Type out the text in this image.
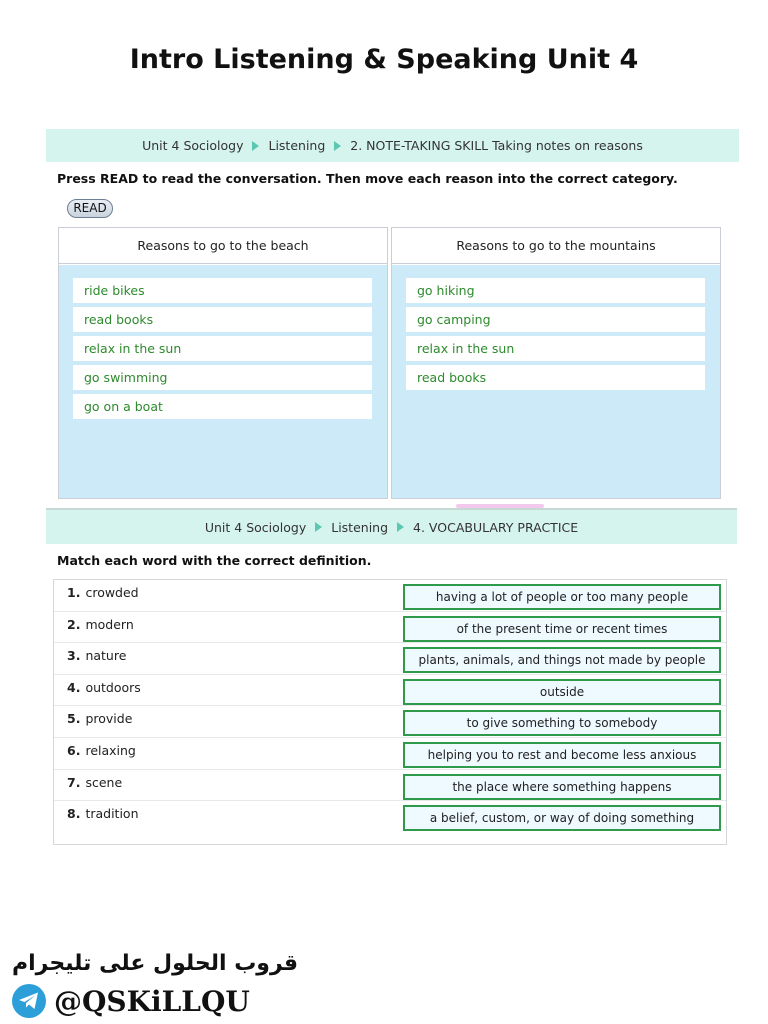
Intro Listening & Speaking Unit 4
Unit 4 Sociology Listening 2. NOTE-TAKING SKILL Taking notes on reasons
Press READ to read the conversation. Then move each reason into the correct category.
READ
Reasons to go to the beach
ride bikes
read books
relax in the sun
go swimming
go on a boat
Reasons to go to the mountains
go hiking
go camping
relax in the sun
read books
Unit 4 Sociology Listening 4. VOCABULARY PRACTICE
Match each word with the correct definition.
1. crowded	having a lot of people or too many people
2. modern	of the present time or recent times
3. nature	plants, animals, and things not made by people
4. outdoors	outside
5. provide	to give something to somebody
6. relaxing	helping you to rest and become less anxious
7. scene	the place where something happens
8. tradition	a belief, custom, or way of doing something
قروب الحلول على تليجرام
@QSKiLLQU
